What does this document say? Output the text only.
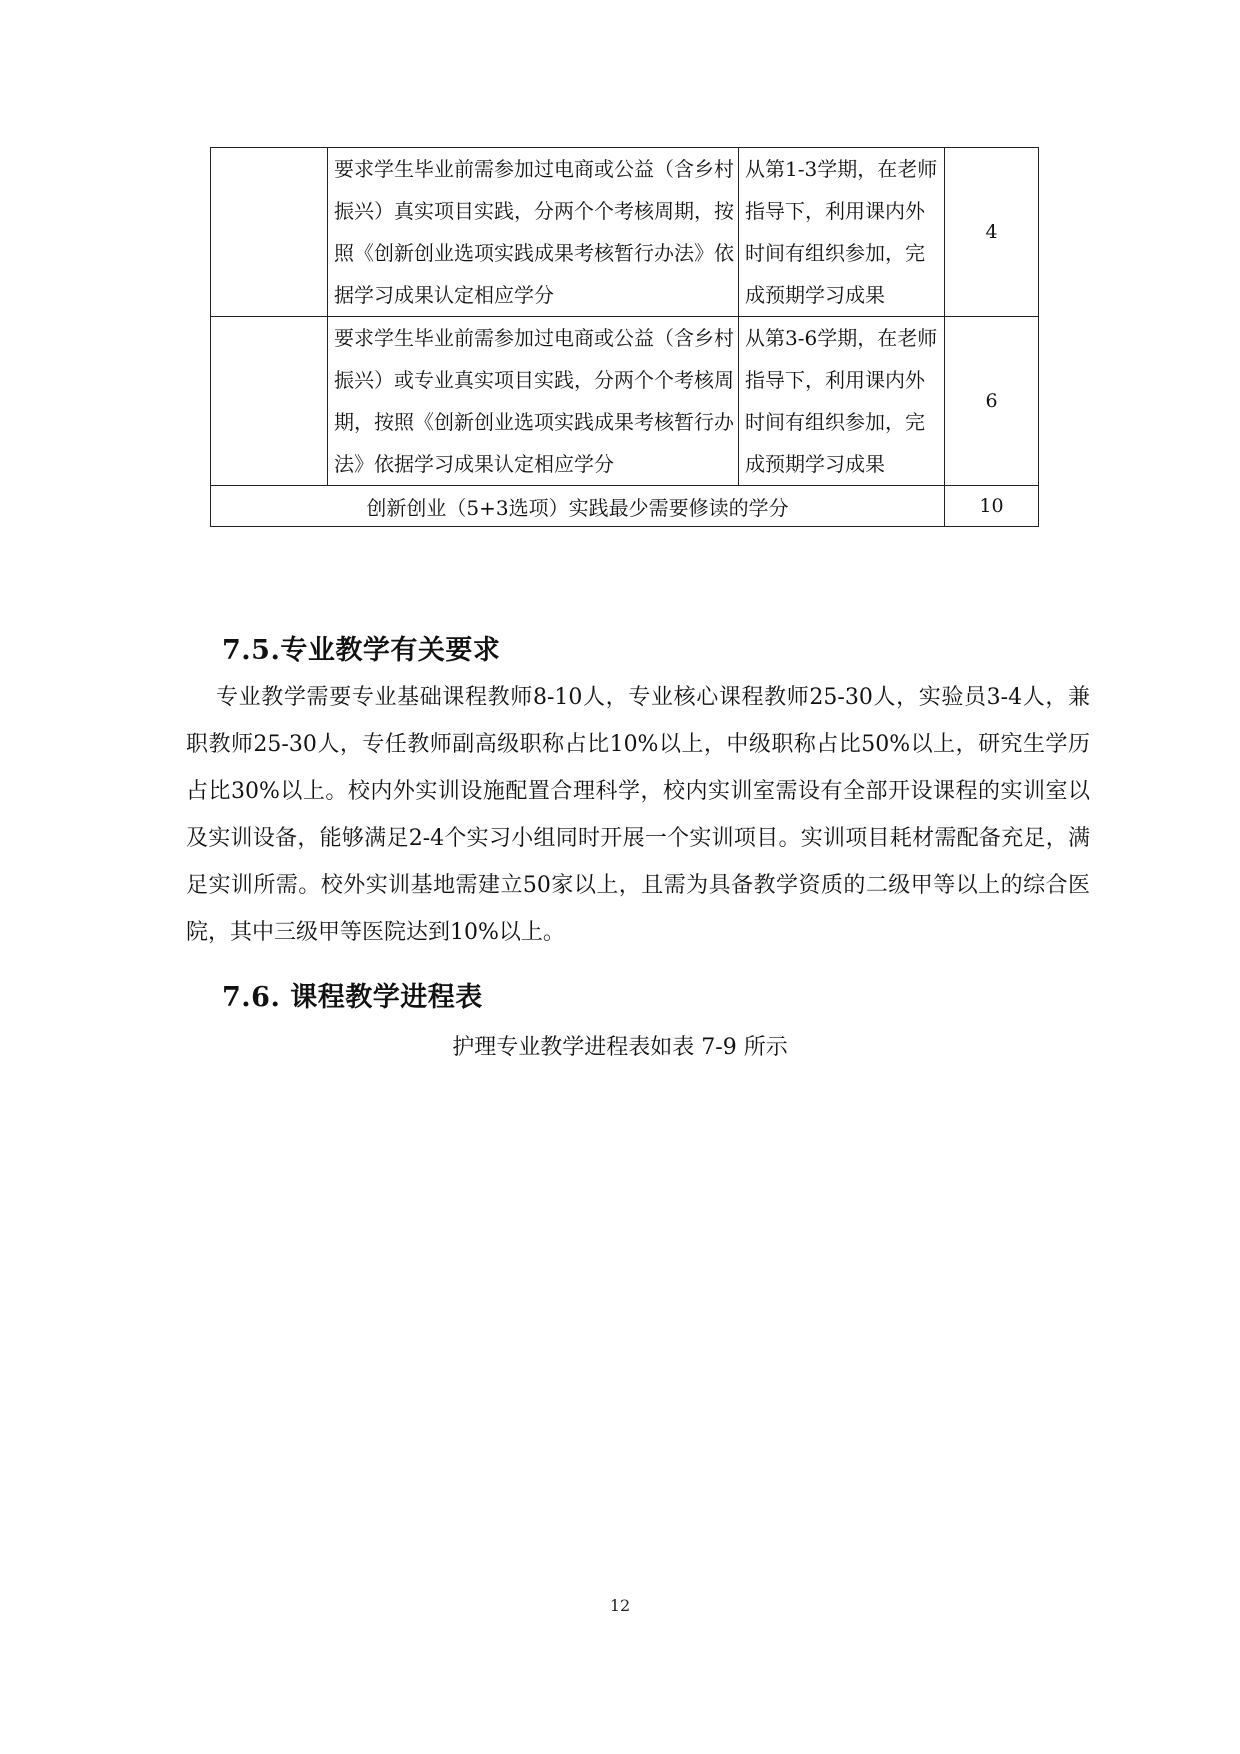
	要求学生毕业前需参加过电商或公益（含乡村振兴）真实项目实践，分两个个考核周期，按照《创新创业选项实践成果考核暂行办法》依据学习成果认定相应学分	从第1-3学期，在老师指导下，利用课内外时间有组织参加，完成预期学习成果	4

	要求学生毕业前需参加过电商或公益（含乡村振兴）或专业真实项目实践，分两个个考核周期，按照《创新创业选项实践成果考核暂行办法》依据学习成果认定相应学分	从第3-6学期，在老师指导下，利用课内外时间有组织参加，完成预期学习成果	6
创新创业（5+3选项）实践最少需要修读的学分			10
7.5.专业教学有关要求
专业教学需要专业基础课程教师8-10人，专业核心课程教师25-30人，实验员3-4人，兼职教师25-30人，专任教师副高级职称占比10%以上，中级职称占比50%以上，研究生学历占比30%以上。校内外实训设施配置合理科学，校内实训室需设有全部开设课程的实训室以及实训设备，能够满足2-4个实习小组同时开展一个实训项目。实训项目耗材需配备充足，满足实训所需。校外实训基地需建立50家以上，且需为具备教学资质的二级甲等以上的综合医院，其中三级甲等医院达到10%以上。
7.6. 课程教学进程表
护理专业教学进程表如表 7-9 所示
12
